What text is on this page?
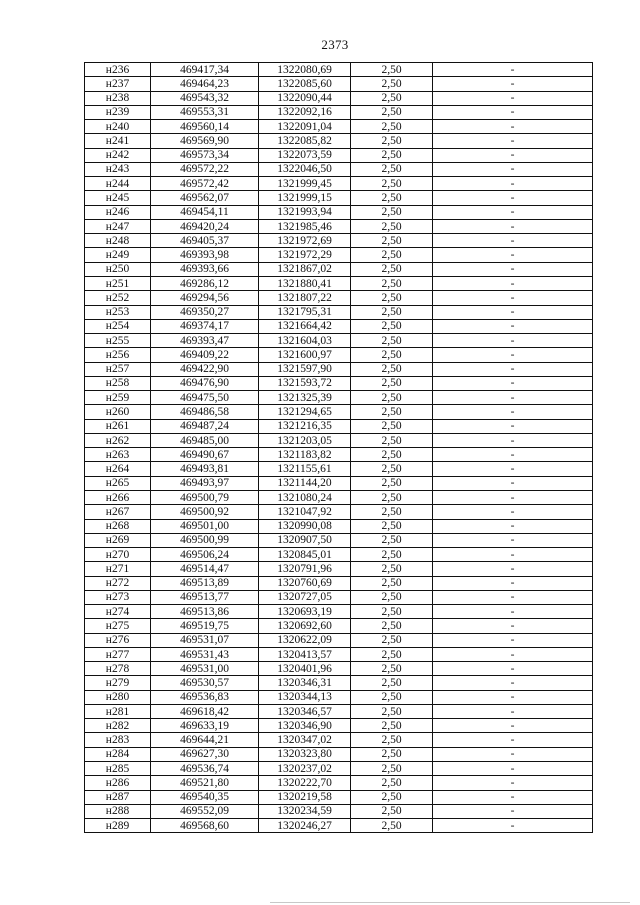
2373
н236	469417,34	1322080,69	2,50	-
н237	469464,23	1322085,60	2,50	-
н238	469543,32	1322090,44	2,50	-
н239	469553,31	1322092,16	2,50	-
н240	469560,14	1322091,04	2,50	-
н241	469569,90	1322085,82	2,50	-
н242	469573,34	1322073,59	2,50	-
н243	469572,22	1322046,50	2,50	-
н244	469572,42	1321999,45	2,50	-
н245	469562,07	1321999,15	2,50	-
н246	469454,11	1321993,94	2,50	-
н247	469420,24	1321985,46	2,50	-
н248	469405,37	1321972,69	2,50	-
н249	469393,98	1321972,29	2,50	-
н250	469393,66	1321867,02	2,50	-
н251	469286,12	1321880,41	2,50	-
н252	469294,56	1321807,22	2,50	-
н253	469350,27	1321795,31	2,50	-
н254	469374,17	1321664,42	2,50	-
н255	469393,47	1321604,03	2,50	-
н256	469409,22	1321600,97	2,50	-
н257	469422,90	1321597,90	2,50	-
н258	469476,90	1321593,72	2,50	-
н259	469475,50	1321325,39	2,50	-
н260	469486,58	1321294,65	2,50	-
н261	469487,24	1321216,35	2,50	-
н262	469485,00	1321203,05	2,50	-
н263	469490,67	1321183,82	2,50	-
н264	469493,81	1321155,61	2,50	-
н265	469493,97	1321144,20	2,50	-
н266	469500,79	1321080,24	2,50	-
н267	469500,92	1321047,92	2,50	-
н268	469501,00	1320990,08	2,50	-
н269	469500,99	1320907,50	2,50	-
н270	469506,24	1320845,01	2,50	-
н271	469514,47	1320791,96	2,50	-
н272	469513,89	1320760,69	2,50	-
н273	469513,77	1320727,05	2,50	-
н274	469513,86	1320693,19	2,50	-
н275	469519,75	1320692,60	2,50	-
н276	469531,07	1320622,09	2,50	-
н277	469531,43	1320413,57	2,50	-
н278	469531,00	1320401,96	2,50	-
н279	469530,57	1320346,31	2,50	-
н280	469536,83	1320344,13	2,50	-
н281	469618,42	1320346,57	2,50	-
н282	469633,19	1320346,90	2,50	-
н283	469644,21	1320347,02	2,50	-
н284	469627,30	1320323,80	2,50	-
н285	469536,74	1320237,02	2,50	-
н286	469521,80	1320222,70	2,50	-
н287	469540,35	1320219,58	2,50	-
н288	469552,09	1320234,59	2,50	-
н289	469568,60	1320246,27	2,50	-
